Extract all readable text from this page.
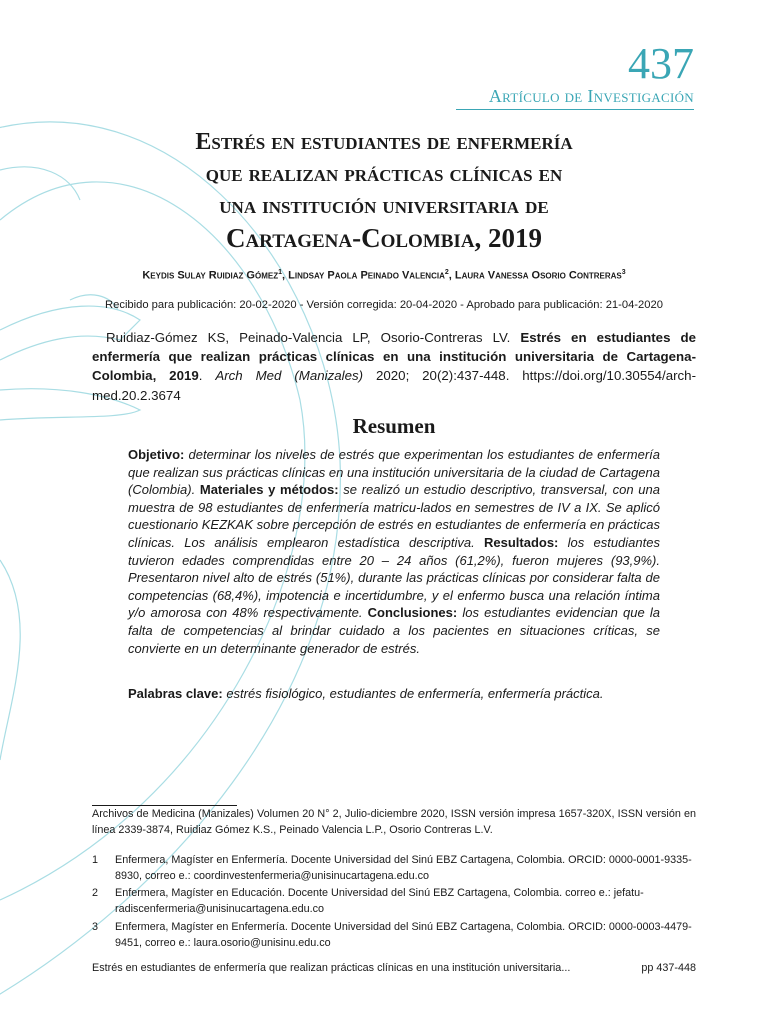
437
Artículo de Investigación
Estrés en estudiantes de enfermería
que realizan prácticas clínicas en
una institución universitaria de
Cartagena-Colombia, 2019
Keydis Sulay Ruidiaz Gómez$^1$, Lindsay Paola Peinado Valencia$^2$, Laura Vanessa Osorio Contreras$^3$
Recibido para publicación: 20-02-2020 - Versión corregida: 20-04-2020 - Aprobado para publicación: 21-04-2020
Ruidiaz-Gómez KS, Peinado-Valencia LP, Osorio-Contreras LV. Estrés en estudiantes de enfermería que realizan prácticas clínicas en una institución universitaria de Cartagena-Colombia, 2019. Arch Med (Manizales) 2020; 20(2):437-448. https://doi.org/10.30554/arch-med.20.2.3674
Resumen
Objetivo: determinar los niveles de estrés que experimentan los estudiantes de enfermería que realizan sus prácticas clínicas en una institución universitaria de la ciudad de Cartagena (Colombia). Materiales y métodos: se realizó un estudio descriptivo, transversal, con una muestra de 98 estudiantes de enfermería matricu-lados en semestres de IV a IX. Se aplicó cuestionario KEZKAK sobre percepción de estrés en estudiantes de enfermería en prácticas clínicas. Los análisis emplearon estadística descriptiva. Resultados: los estudiantes tuvieron edades comprendidas entre 20 – 24 años (61,2%), fueron mujeres (93,9%). Presentaron nivel alto de estrés (51%), durante las prácticas clínicas por considerar falta de competencias (68,4%), impotencia e incertidumbre, y el enfermo busca una relación íntima y/o amorosa con 48% respectivamente. Conclusiones: los estudiantes evidencian que la falta de competencias al brindar cuidado a los pacientes en situaciones críticas, se convierte en un determinante generador de estrés.
Palabras clave: estrés fisiológico, estudiantes de enfermería, enfermería práctica.
Archivos de Medicina (Manizales) Volumen 20 N° 2, Julio-diciembre 2020, ISSN versión impresa 1657-320X, ISSN versión en línea 2339-3874, Ruidiaz Gómez K.S., Peinado Valencia L.P., Osorio Contreras L.V.
1 Enfermera, Magíster en Enfermería. Docente Universidad del Sinú EBZ Cartagena, Colombia. ORCID: 0000-0001-9335-8930, correo e.: coordinvestenfermeria@unisinucartagena.edu.co
2 Enfermera, Magíster en Educación. Docente Universidad del Sinú EBZ Cartagena, Colombia. correo e.: jefatu-radiscenfermeria@unisinucartagena.edu.co
3 Enfermera, Magíster en Enfermería. Docente Universidad del Sinú EBZ Cartagena, Colombia. ORCID: 0000-0003-4479-9451, correo e.: laura.osorio@unisinu.edu.co
Estrés en estudiantes de enfermería que realizan prácticas clínicas en una institución universitaria...	pp 437-448
